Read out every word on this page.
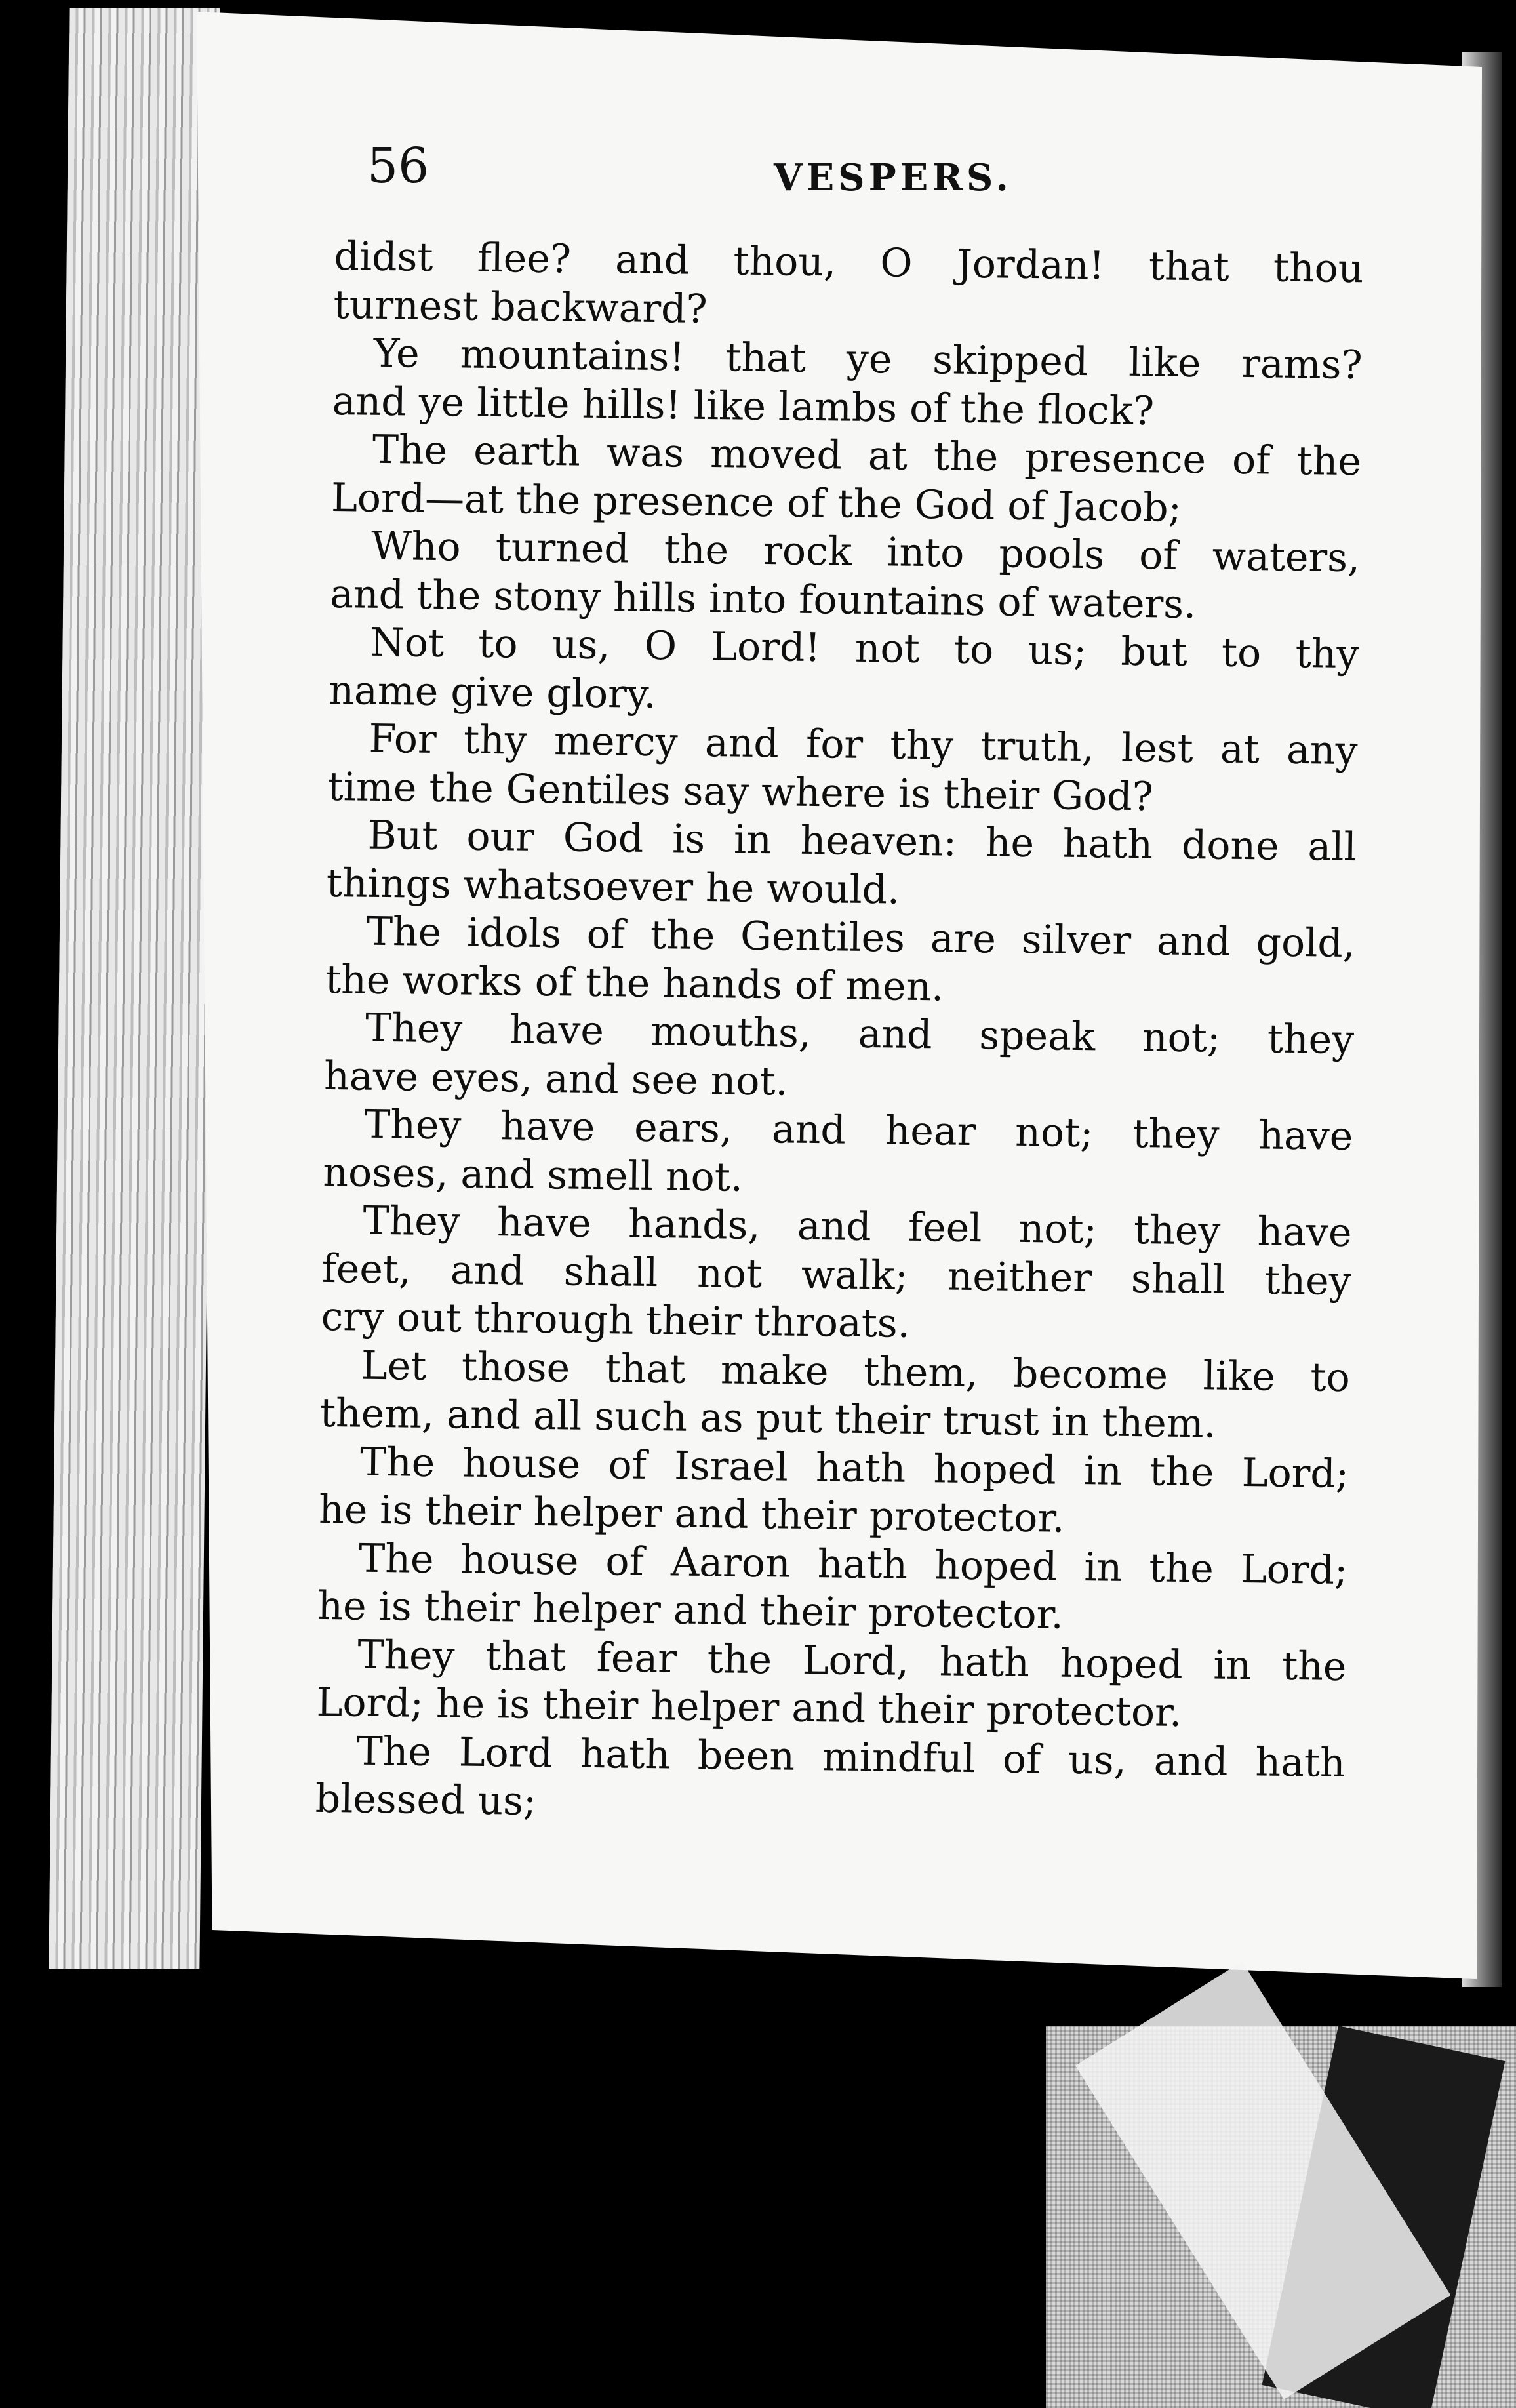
56	VESPERS.
didst flee? and thou, O Jordan! that thou
turnest backward?
Ye mountains! that ye skipped like rams?
and ye little hills! like lambs of the flock?
The earth was moved at the presence of the
Lord—at the presence of the God of Jacob;
Who turned the rock into pools of waters,
and the stony hills into fountains of waters.
Not to us, O Lord! not to us; but to thy
name give glory.
For thy mercy and for thy truth, lest at any
time the Gentiles say where is their God?
But our God is in heaven: he hath done all
things whatsoever he would.
The idols of the Gentiles are silver and gold,
the works of the hands of men.
They have mouths, and speak not; they
have eyes, and see not.
They have ears, and hear not; they have
noses, and smell not.
They have hands, and feel not; they have
feet, and shall not walk; neither shall they
cry out through their throats.
Let those that make them, become like to
them, and all such as put their trust in them.
The house of Israel hath hoped in the Lord;
he is their helper and their protector.
The house of Aaron hath hoped in the Lord;
he is their helper and their protector.
They that fear the Lord, hath hoped in the
Lord; he is their helper and their protector.
The Lord hath been mindful of us, and hath
blessed us;
